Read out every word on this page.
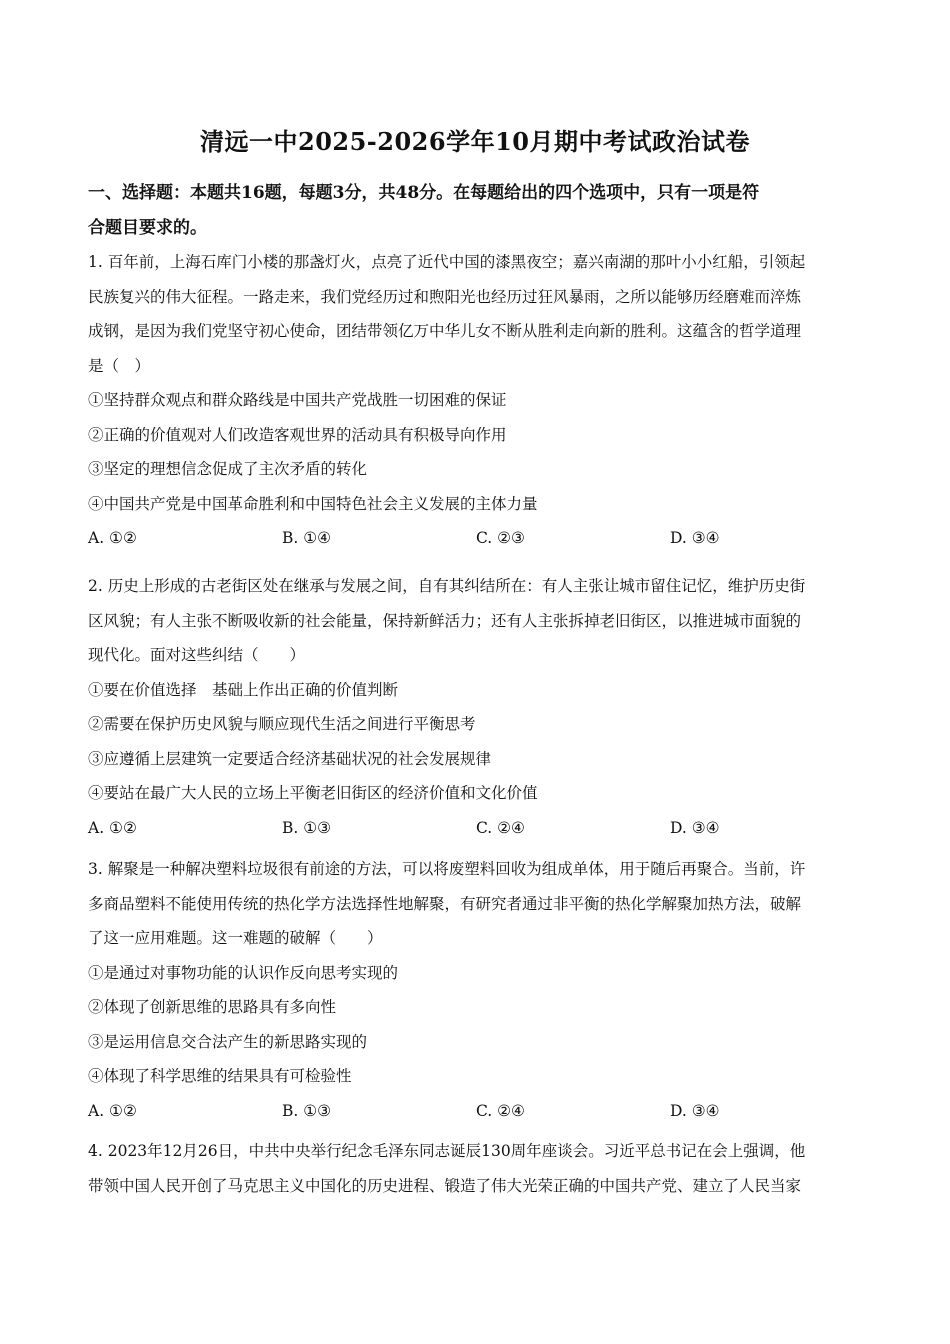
清远一中2025-2026学年10月期中考试政治试卷
一、选择题：本题共16题，每题3分，共48分。在每题给出的四个选项中，只有一项是符
合题目要求的。
1. 百年前，上海石库门小楼的那盏灯火，点亮了近代中国的漆黑夜空；嘉兴南湖的那叶小小红船，引领起
民族复兴的伟大征程。一路走来，我们党经历过和煦阳光也经历过狂风暴雨，之所以能够历经磨难而淬炼
成钢，是因为我们党坚守初心使命，团结带领亿万中华儿女不断从胜利走向新的胜利。这蕴含的哲学道理
是（　）
①坚持群众观点和群众路线是中国共产党战胜一切困难的保证
②正确的价值观对人们改造客观世界的活动具有积极导向作用
③坚定的理想信念促成了主次矛盾的转化
④中国共产党是中国革命胜利和中国特色社会主义发展的主体力量
A. ①②	B. ①④	C. ②③	D. ③④
2. 历史上形成的古老街区处在继承与发展之间，自有其纠结所在：有人主张让城市留住记忆，维护历史街
区风貌；有人主张不断吸收新的社会能量，保持新鲜活力；还有人主张拆掉老旧街区，以推进城市面貌的
现代化。面对这些纠结（　　）
①要在价值选择　基础上作出正确的价值判断
②需要在保护历史风貌与顺应现代生活之间进行平衡思考
③应遵循上层建筑一定要适合经济基础状况的社会发展规律
④要站在最广大人民的立场上平衡老旧街区的经济价值和文化价值
A. ①②	B. ①③	C. ②④	D. ③④
3. 解聚是一种解决塑料垃圾很有前途的方法，可以将废塑料回收为组成单体，用于随后再聚合。当前，许
多商品塑料不能使用传统的热化学方法选择性地解聚，有研究者通过非平衡的热化学解聚加热方法，破解
了这一应用难题。这一难题的破解（　　）
①是通过对事物功能的认识作反向思考实现的
②体现了创新思维的思路具有多向性
③是运用信息交合法产生的新思路实现的
④体现了科学思维的结果具有可检验性
A. ①②	B. ①③	C. ②④	D. ③④
4. 2023年12月26日，中共中央举行纪念毛泽东同志诞辰130周年座谈会。习近平总书记在会上强调，他
带领中国人民开创了马克思主义中国化的历史进程、锻造了伟大光荣正确的中国共产党、建立了人民当家
